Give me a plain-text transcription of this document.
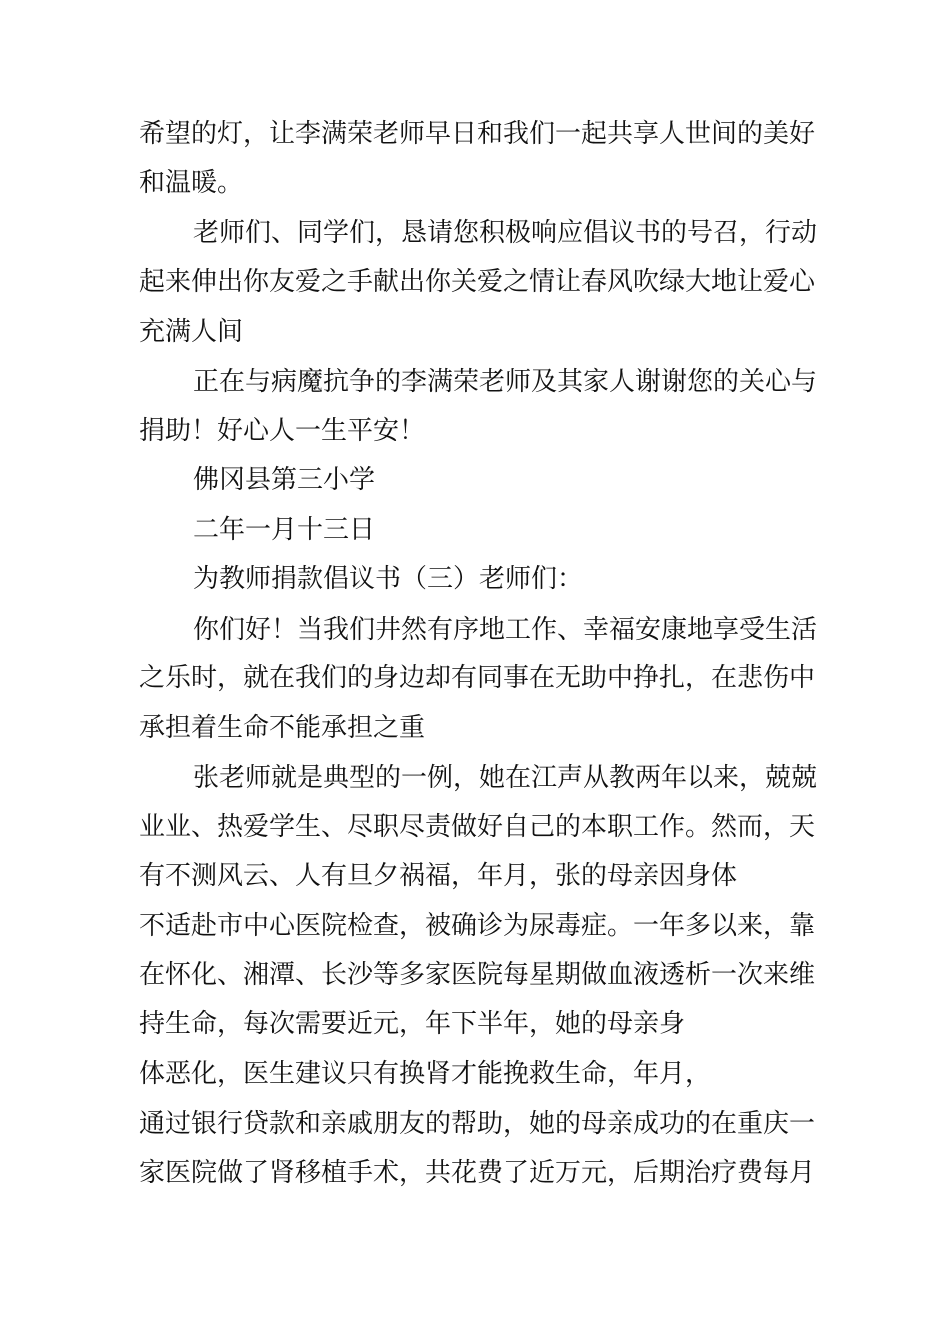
希望的灯，让李满荣老师早日和我们一起共享人世间的美好
和温暖。
老师们、同学们，恳请您积极响应倡议书的号召，行动
起来伸出你友爱之手献出你关爱之情让春风吹绿大地让爱心
充满人间
正在与病魔抗争的李满荣老师及其家人谢谢您的关心与
捐助！好心人一生平安！
佛冈县第三小学
二年一月十三日
为教师捐款倡议书（三）老师们：
你们好！当我们井然有序地工作、幸福安康地享受生活
之乐时，就在我们的身边却有同事在无助中挣扎，在悲伤中
承担着生命不能承担之重
张老师就是典型的一例，她在江声从教两年以来，兢兢
业业、热爱学生、尽职尽责做好自己的本职工作。然而，天
有不测风云、人有旦夕祸福，年月，张的母亲因身体
不适赴市中心医院检查，被确诊为尿毒症。一年多以来，靠
在怀化、湘潭、长沙等多家医院每星期做血液透析一次来维
持生命，每次需要近元，年下半年，她的母亲身
体恶化，医生建议只有换肾才能挽救生命，年月，
通过银行贷款和亲戚朋友的帮助，她的母亲成功的在重庆一
家医院做了肾移植手术，共花费了近万元，后期治疗费每月
